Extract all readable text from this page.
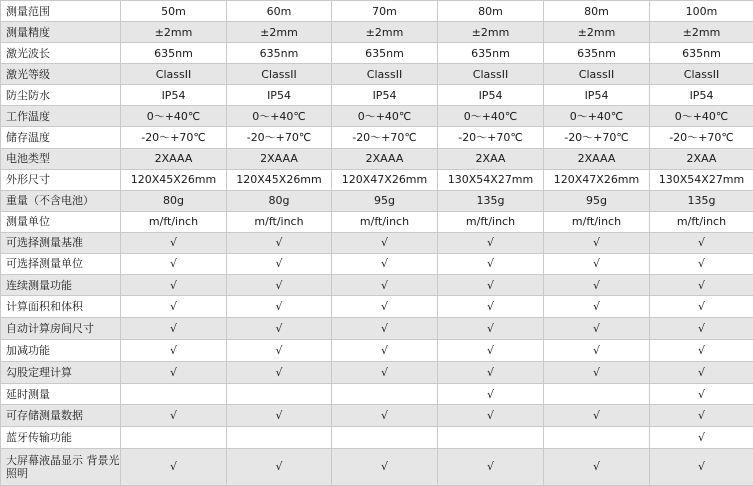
测量范围	50m	60m	70m	80m	80m	100m
测量精度	±2mm	±2mm	±2mm	±2mm	±2mm	±2mm
激光波长	635nm	635nm	635nm	635nm	635nm	635nm
激光等级	ClassII	ClassII	ClassII	ClassII	ClassII	ClassII
防尘防水	IP54	IP54	IP54	IP54	IP54	IP54
工作温度	0～+40℃	0～+40℃	0～+40℃	0～+40℃	0～+40℃	0～+40℃
储存温度	-20～+70℃	-20～+70℃	-20～+70℃	-20～+70℃	-20～+70℃	-20～+70℃
电池类型	2XAAA	2XAAA	2XAAA	2XAA	2XAAA	2XAA
外形尺寸	120X45X26mm	120X45X26mm	120X47X26mm	130X54X27mm	120X47X26mm	130X54X27mm
重量（不含电池）	80g	80g	95g	135g	95g	135g
测量单位	m/ft/inch	m/ft/inch	m/ft/inch	m/ft/inch	m/ft/inch	m/ft/inch
可选择测量基准	√	√	√	√	√	√
可选择测量单位	√	√	√	√	√	√
连续测量功能	√	√	√	√	√	√
计算面积和体积	√	√	√	√	√	√
自动计算房间尺寸	√	√	√	√	√	√
加减功能	√	√	√	√	√	√
勾股定理计算	√	√	√	√	√	√
延时测量				√		√
可存储测量数据	√	√	√	√	√	√
蓝牙传输功能						√
大屏幕液晶显示 背景光照明	√	√	√	√	√	√
